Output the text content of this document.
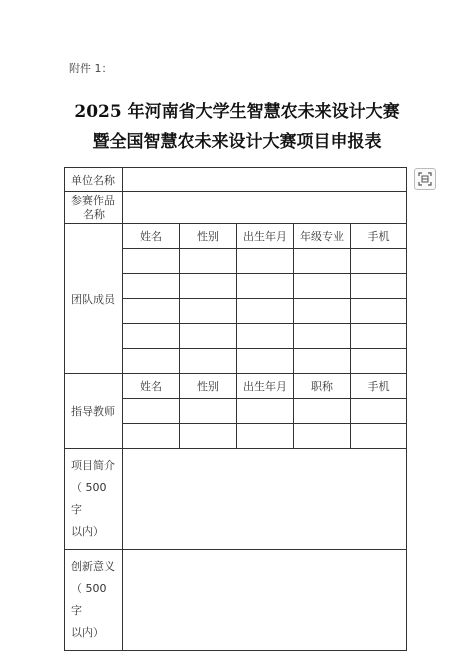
附件 1：
2025 年河南省大学生智慧农未来设计大赛
暨全国智慧农未来设计大赛项目申报表
单位名称					

参赛作品
名称					

团队成员	姓名	性别	出生年月	年级专业	手机

指导教师	姓名	性别	出生年月	职称	手机

项目简介
（ 500 字
以内）					

创新意义
（ 500 字
以内）					
